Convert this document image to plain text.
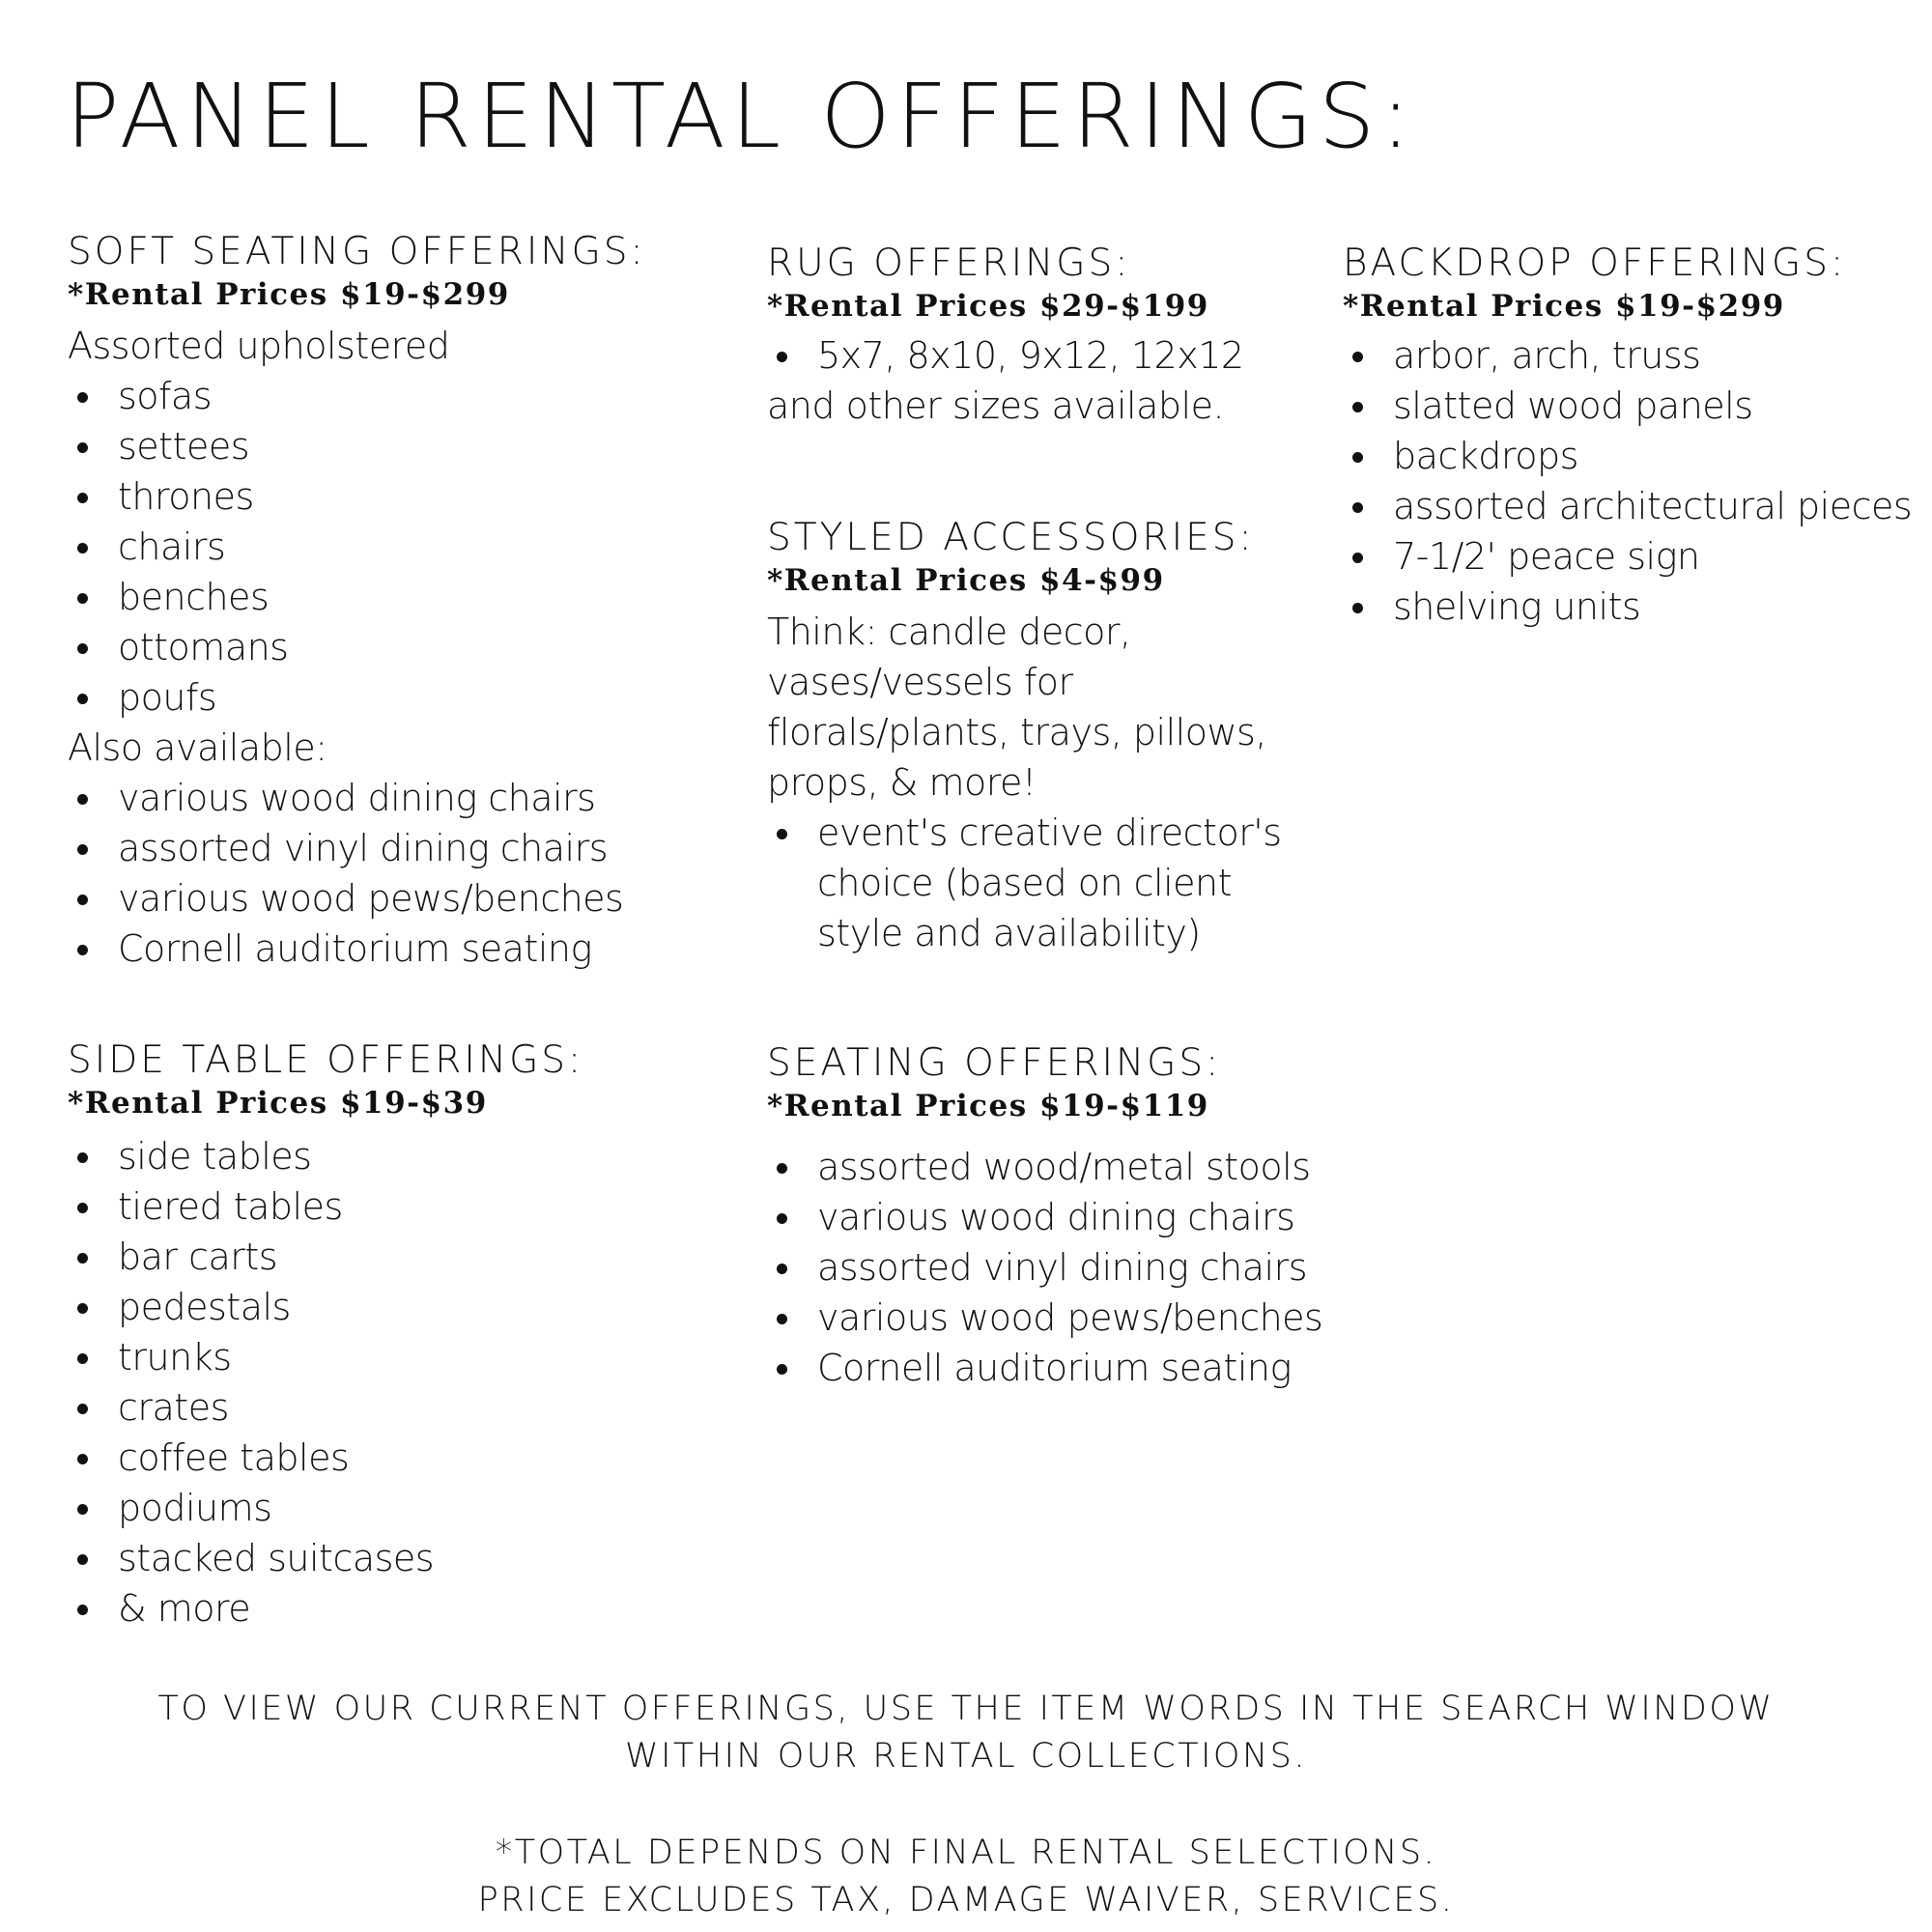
PANEL RENTAL OFFERINGS:

SOFT SEATING OFFERINGS:

*Rental Prices $19-$299

Assorted upholstered

sofas
settees
thrones
chairs
benches
ottomans
poufs

Also available:

various wood dining chairs
assorted vinyl dining chairs
various wood pews/benches
Cornell auditorium seating

RUG OFFERINGS:

*Rental Prices $29-$199

5x7, 8x10, 9x12, 12x12

and other sizes available.

BACKDROP OFFERINGS:

*Rental Prices $19-$299

arbor, arch, truss
slatted wood panels
backdrops
assorted architectural pieces
7-1/2' peace sign
shelving units

STYLED ACCESSORIES:

*Rental Prices $4-$99

Think: candle decor, vases/vessels for florals/plants, trays, pillows, props, & more!

event's creative director's choice (based on client style and availability)

SIDE TABLE OFFERINGS:

*Rental Prices $19-$39

side tables
tiered tables
bar carts
pedestals
trunks
crates
coffee tables
podiums
stacked suitcases
& more

SEATING OFFERINGS:

*Rental Prices $19-$119

assorted wood/metal stools
various wood dining chairs
assorted vinyl dining chairs
various wood pews/benches
Cornell auditorium seating

TO VIEW OUR CURRENT OFFERINGS, USE THE ITEM WORDS IN THE SEARCH WINDOW
WITHIN OUR RENTAL COLLECTIONS.

*TOTAL DEPENDS ON FINAL RENTAL SELECTIONS.
PRICE EXCLUDES TAX, DAMAGE WAIVER, SERVICES.
